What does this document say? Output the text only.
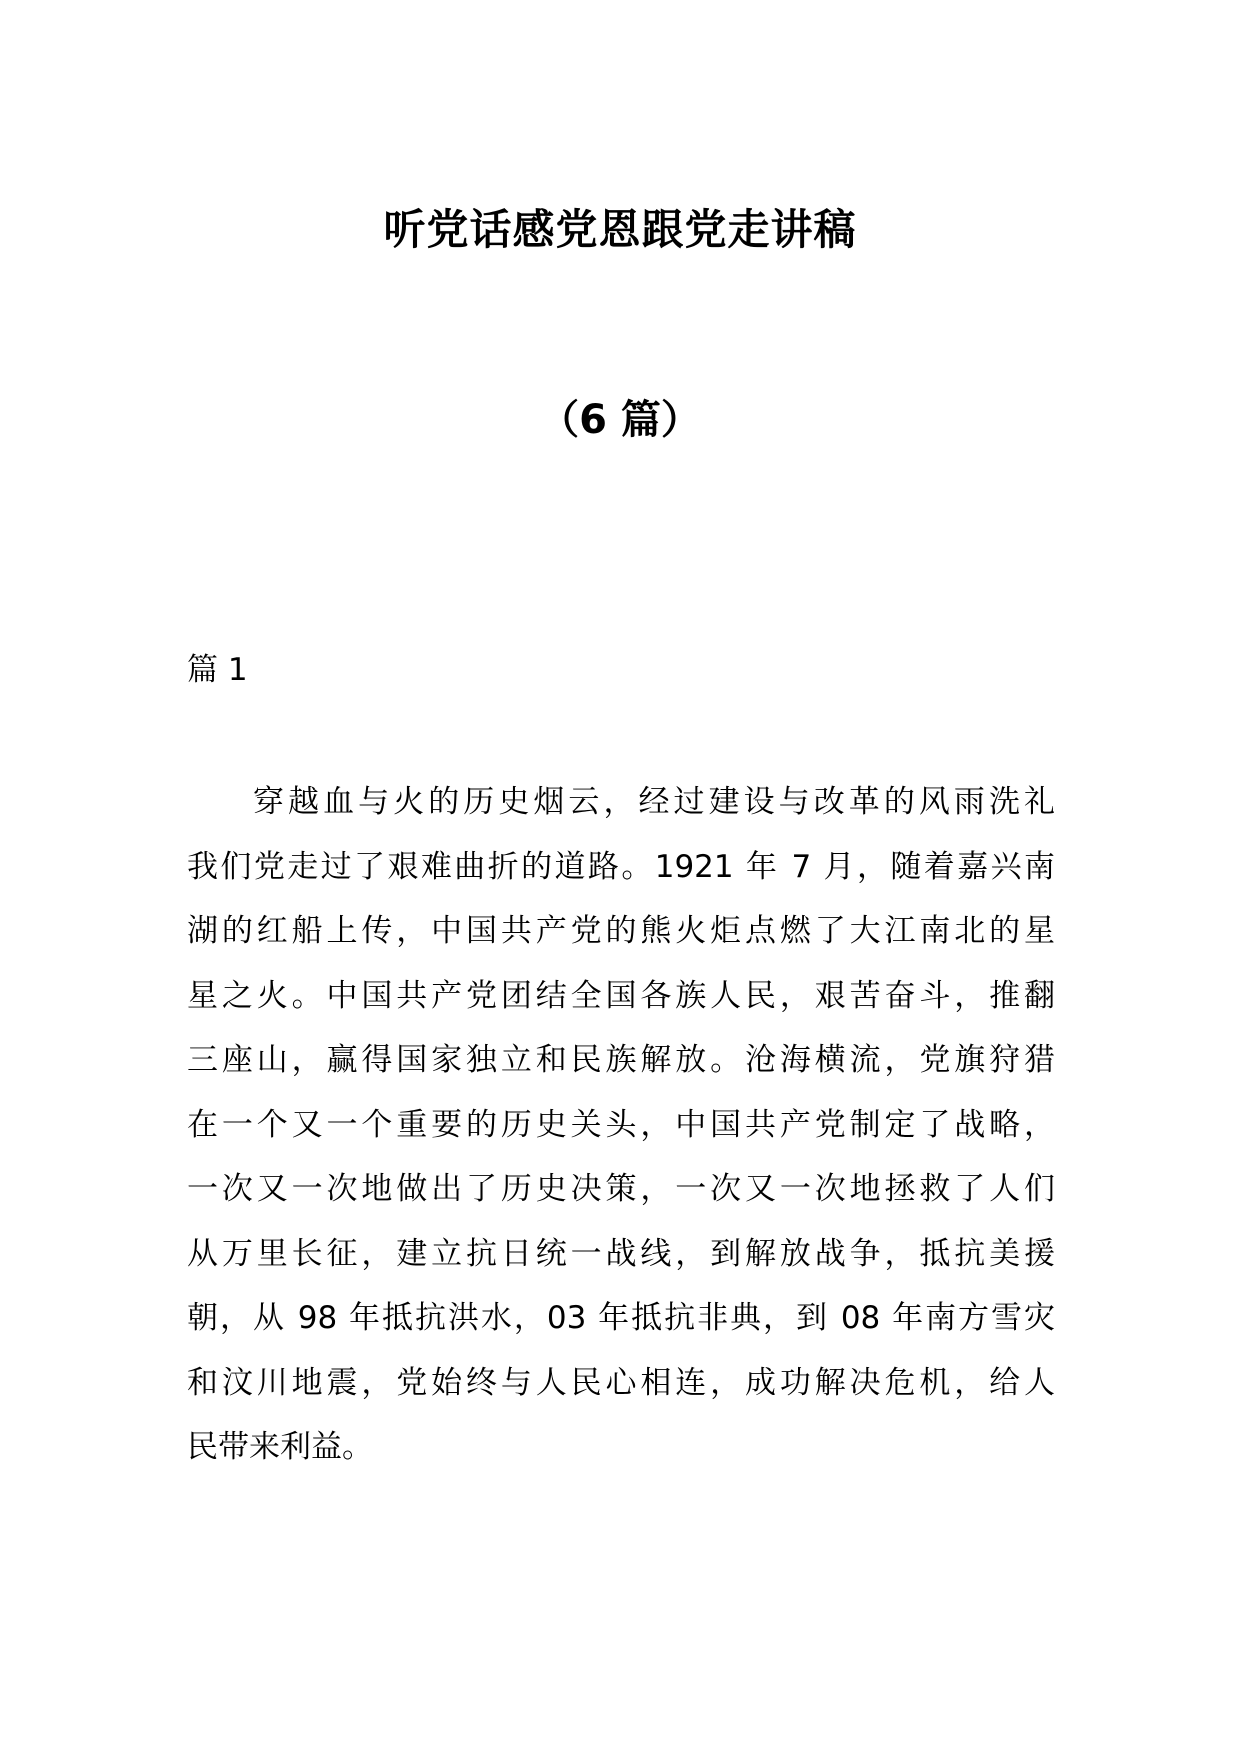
听党话感党恩跟党走讲稿
（6 篇）
篇 1
穿越血与火的历史烟云，经过建设与改革的风雨洗礼
我们党走过了艰难曲折的道路。1921 年 7 月，随着嘉兴南
湖的红船上传，中国共产党的熊火炬点燃了大江南北的星
星之火。中国共产党团结全国各族人民，艰苦奋斗，推翻
三座山，赢得国家独立和民族解放。沧海横流，党旗狩猎
在一个又一个重要的历史关头，中国共产党制定了战略，
一次又一次地做出了历史决策，一次又一次地拯救了人们
从万里长征，建立抗日统一战线，到解放战争，抵抗美援
朝，从 98 年抵抗洪水，03 年抵抗非典，到 08 年南方雪灾
和汶川地震，党始终与人民心相连，成功解决危机，给人
民带来利益。
